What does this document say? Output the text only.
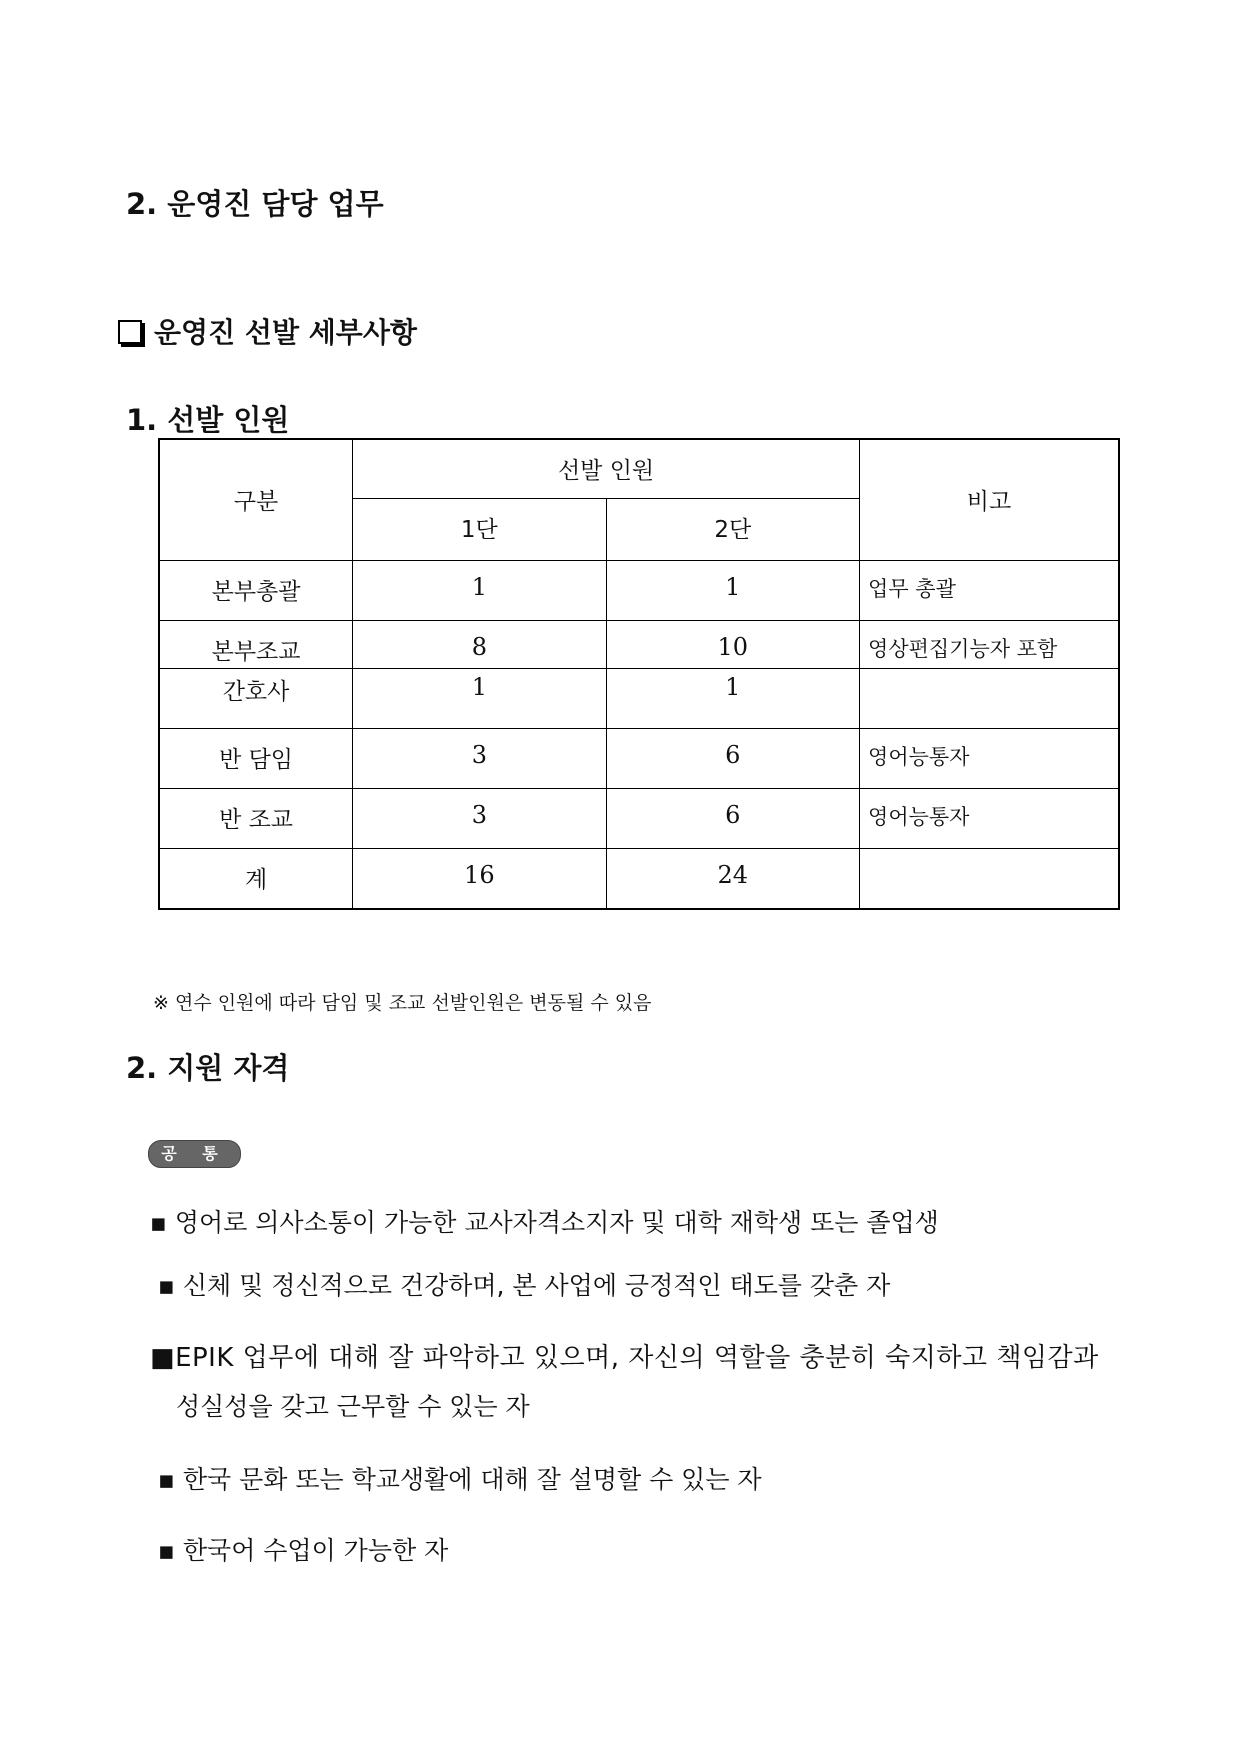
2. 운영진 담당 업무
운영진 선발 세부사항
1. 선발 인원
구분	선발 인원		비고
	1단	2단	
본부총괄	1	1	업무 총괄
본부조교	8	10	영상편집기능자 포함
간호사	1	1	
반 담임	3	6	영어능통자
반 조교	3	6	영어능통자
계	16	24	
※ 연수 인원에 따라 담임 및 조교 선발인원은 변동될 수 있음
2. 지원 자격
공 통
▪ 영어로 의사소통이 가능한 교사자격소지자 및 대학 재학생 또는 졸업생
▪ 신체 및 정신적으로 건강하며, 본 사업에 긍정적인 태도를 갖춘 자
■EPIK 업무에 대해 잘 파악하고 있으며, 자신의 역할을 충분히 숙지하고 책임감과
성실성을 갖고 근무할 수 있는 자
▪ 한국 문화 또는 학교생활에 대해 잘 설명할 수 있는 자
▪ 한국어 수업이 가능한 자
